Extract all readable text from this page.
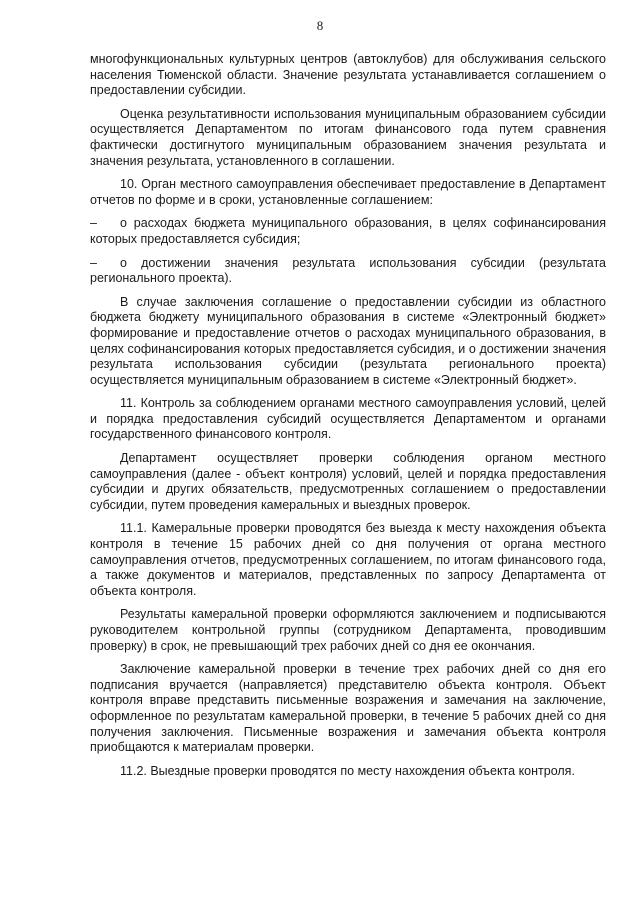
8

многофункциональных культурных центров (автоклубов) для обслуживания сельского населения Тюменской области. Значение результата устанавливается соглашением о предоставлении субсидии.

Оценка результативности использования муниципальным образованием субсидии осуществляется Департаментом по итогам финансового года путем сравнения фактически достигнутого муниципальным образованием значения результата и значения результата, установленного в соглашении.

10. Орган местного самоуправления обеспечивает предоставление в Департамент отчетов по форме и в сроки, установленные соглашением:

– о расходах бюджета муниципального образования, в целях софинансирования которых предоставляется субсидия;

– о достижении значения результата использования субсидии (результата регионального проекта).

В случае заключения соглашение о предоставлении субсидии из областного бюджета бюджету муниципального образования в системе «Электронный бюджет» формирование и предоставление отчетов о расходах муниципального образования, в целях софинансирования которых предоставляется субсидия, и о достижении значения результата использования субсидии (результата регионального проекта) осуществляется муниципальным образованием в системе «Электронный бюджет».

11. Контроль за соблюдением органами местного самоуправления условий, целей и порядка предоставления субсидий осуществляется Департаментом и органами государственного финансового контроля.

Департамент осуществляет проверки соблюдения органом местного самоуправления (далее - объект контроля) условий, целей и порядка предоставления субсидии и других обязательств, предусмотренных соглашением о предоставлении субсидии, путем проведения камеральных и выездных проверок.

11.1. Камеральные проверки проводятся без выезда к месту нахождения объекта контроля в течение 15 рабочих дней со дня получения от органа местного самоуправления отчетов, предусмотренных соглашением, по итогам финансового года, а также документов и материалов, представленных по запросу Департамента от объекта контроля.

Результаты камеральной проверки оформляются заключением и подписываются руководителем контрольной группы (сотрудником Департамента, проводившим проверку) в срок, не превышающий трех рабочих дней со дня ее окончания.

Заключение камеральной проверки в течение трех рабочих дней со дня его подписания вручается (направляется) представителю объекта контроля. Объект контроля вправе представить письменные возражения и замечания на заключение, оформленное по результатам камеральной проверки, в течение 5 рабочих дней со дня получения заключения. Письменные возражения и замечания объекта контроля приобщаются к материалам проверки.

11.2. Выездные проверки проводятся по месту нахождения объекта контроля.
